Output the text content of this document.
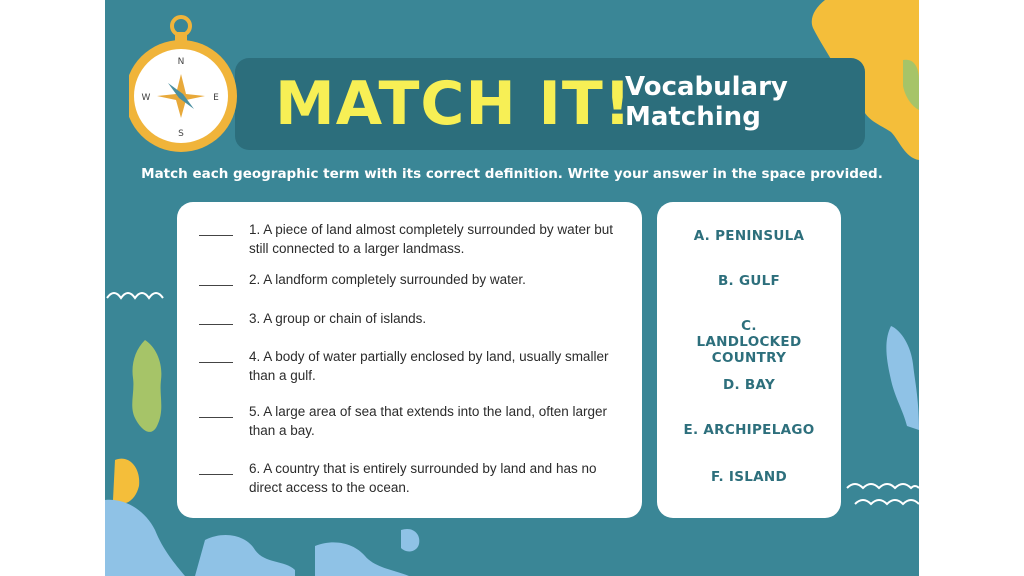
N
S
E
W MATCH IT!
Vocabulary
Matching
Match each geographic term with its correct definition. Write your answer in the space provided.
1. A piece of land almost completely surrounded by water but still connected to a larger landmass.
2. A landform completely surrounded by water.
3. A group or chain of islands.
4. A body of water partially enclosed by land, usually smaller than a gulf.
5. A large area of sea that extends into the land, often larger than a bay.
6. A country that is entirely surrounded by land and has no direct access to the ocean.
A. PENINSULA
B. GULF
C. LANDLOCKED COUNTRY
D. BAY
E. ARCHIPELAGO
F. ISLAND
